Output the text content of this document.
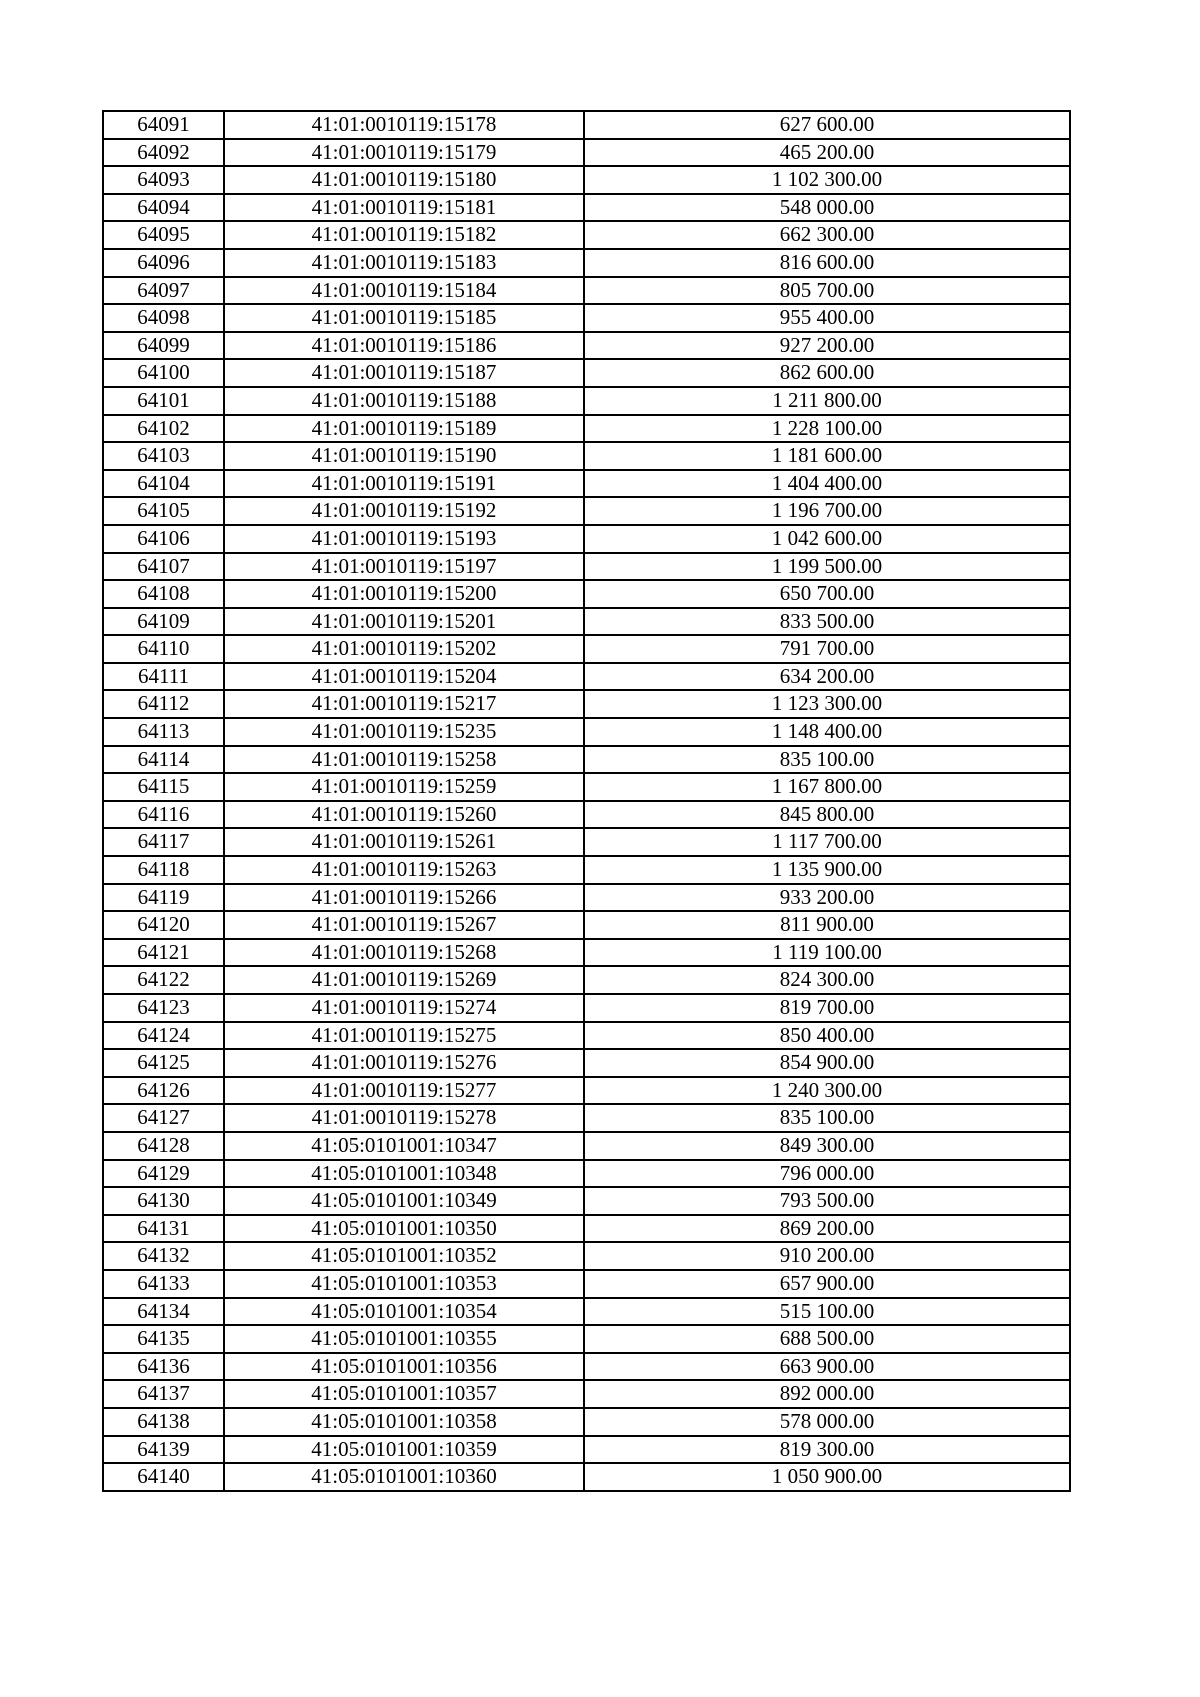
64091	41:01:0010119:15178	627 600.00
64092	41:01:0010119:15179	465 200.00
64093	41:01:0010119:15180	1 102 300.00
64094	41:01:0010119:15181	548 000.00
64095	41:01:0010119:15182	662 300.00
64096	41:01:0010119:15183	816 600.00
64097	41:01:0010119:15184	805 700.00
64098	41:01:0010119:15185	955 400.00
64099	41:01:0010119:15186	927 200.00
64100	41:01:0010119:15187	862 600.00
64101	41:01:0010119:15188	1 211 800.00
64102	41:01:0010119:15189	1 228 100.00
64103	41:01:0010119:15190	1 181 600.00
64104	41:01:0010119:15191	1 404 400.00
64105	41:01:0010119:15192	1 196 700.00
64106	41:01:0010119:15193	1 042 600.00
64107	41:01:0010119:15197	1 199 500.00
64108	41:01:0010119:15200	650 700.00
64109	41:01:0010119:15201	833 500.00
64110	41:01:0010119:15202	791 700.00
64111	41:01:0010119:15204	634 200.00
64112	41:01:0010119:15217	1 123 300.00
64113	41:01:0010119:15235	1 148 400.00
64114	41:01:0010119:15258	835 100.00
64115	41:01:0010119:15259	1 167 800.00
64116	41:01:0010119:15260	845 800.00
64117	41:01:0010119:15261	1 117 700.00
64118	41:01:0010119:15263	1 135 900.00
64119	41:01:0010119:15266	933 200.00
64120	41:01:0010119:15267	811 900.00
64121	41:01:0010119:15268	1 119 100.00
64122	41:01:0010119:15269	824 300.00
64123	41:01:0010119:15274	819 700.00
64124	41:01:0010119:15275	850 400.00
64125	41:01:0010119:15276	854 900.00
64126	41:01:0010119:15277	1 240 300.00
64127	41:01:0010119:15278	835 100.00
64128	41:05:0101001:10347	849 300.00
64129	41:05:0101001:10348	796 000.00
64130	41:05:0101001:10349	793 500.00
64131	41:05:0101001:10350	869 200.00
64132	41:05:0101001:10352	910 200.00
64133	41:05:0101001:10353	657 900.00
64134	41:05:0101001:10354	515 100.00
64135	41:05:0101001:10355	688 500.00
64136	41:05:0101001:10356	663 900.00
64137	41:05:0101001:10357	892 000.00
64138	41:05:0101001:10358	578 000.00
64139	41:05:0101001:10359	819 300.00
64140	41:05:0101001:10360	1 050 900.00
